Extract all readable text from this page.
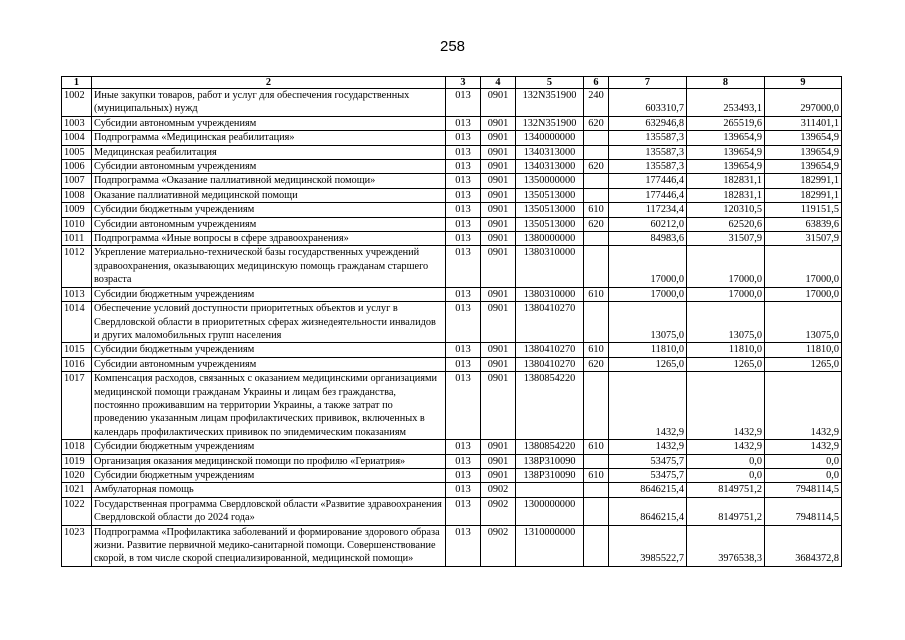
258
1	2	3	4	5	6	7	8	9
1002	Иные закупки товаров, работ и услуг для обеспечения государственных (муниципальных) нужд	013	0901	132N351900	240	603310,7	253493,1	297000,0
1003	Субсидии автономным учреждениям	013	0901	132N351900	620	632946,8	265519,6	311401,1
1004	Подпрограмма «Медицинская реабилитация»	013	0901	1340000000		135587,3	139654,9	139654,9
1005	Медицинская реабилитация	013	0901	1340313000		135587,3	139654,9	139654,9
1006	Субсидии автономным учреждениям	013	0901	1340313000	620	135587,3	139654,9	139654,9
1007	Подпрограмма «Оказание паллиативной медицинской помощи»	013	0901	1350000000		177446,4	182831,1	182991,1
1008	Оказание паллиативной медицинской помощи	013	0901	1350513000		177446,4	182831,1	182991,1
1009	Субсидии бюджетным учреждениям	013	0901	1350513000	610	117234,4	120310,5	119151,5
1010	Субсидии автономным учреждениям	013	0901	1350513000	620	60212,0	62520,6	63839,6
1011	Подпрограмма «Иные вопросы в сфере здравоохранения»	013	0901	1380000000		84983,6	31507,9	31507,9
1012	Укрепление материально-технической базы государственных учреждений здравоохранения, оказывающих медицинскую помощь гражданам старшего возраста	013	0901	1380310000		17000,0	17000,0	17000,0
1013	Субсидии бюджетным учреждениям	013	0901	1380310000	610	17000,0	17000,0	17000,0
1014	Обеспечение условий доступности приоритетных объектов и услуг в Свердловской области в приоритетных сферах жизнедеятельности инвалидов и других маломобильных групп населения	013	0901	1380410270		13075,0	13075,0	13075,0
1015	Субсидии бюджетным учреждениям	013	0901	1380410270	610	11810,0	11810,0	11810,0
1016	Субсидии автономным учреждениям	013	0901	1380410270	620	1265,0	1265,0	1265,0
1017	Компенсация расходов, связанных с оказанием медицинскими организациями медицинской помощи гражданам Украины и лицам без гражданства, постоянно проживавшим на территории Украины, а также затрат по проведению указанным лицам профилактических прививок, включенных в календарь профилактических прививок по эпидемическим показаниям	013	0901	1380854220		1432,9	1432,9	1432,9
1018	Субсидии бюджетным учреждениям	013	0901	1380854220	610	1432,9	1432,9	1432,9
1019	Организация оказания медицинской помощи по профилю «Гериатрия»	013	0901	138P310090		53475,7	0,0	0,0
1020	Субсидии бюджетным учреждениям	013	0901	138P310090	610	53475,7	0,0	0,0
1021	Амбулаторная помощь	013	0902			8646215,4	8149751,2	7948114,5
1022	Государственная программа Свердловской области «Развитие здравоохранения Свердловской области до 2024 года»	013	0902	1300000000		8646215,4	8149751,2	7948114,5
1023	Подпрограмма «Профилактика заболеваний и формирование здорового образа жизни. Развитие первичной медико-санитарной помощи. Совершенствование скорой, в том числе скорой специализированной, медицинской помощи»	013	0902	1310000000		3985522,7	3976538,3	3684372,8
